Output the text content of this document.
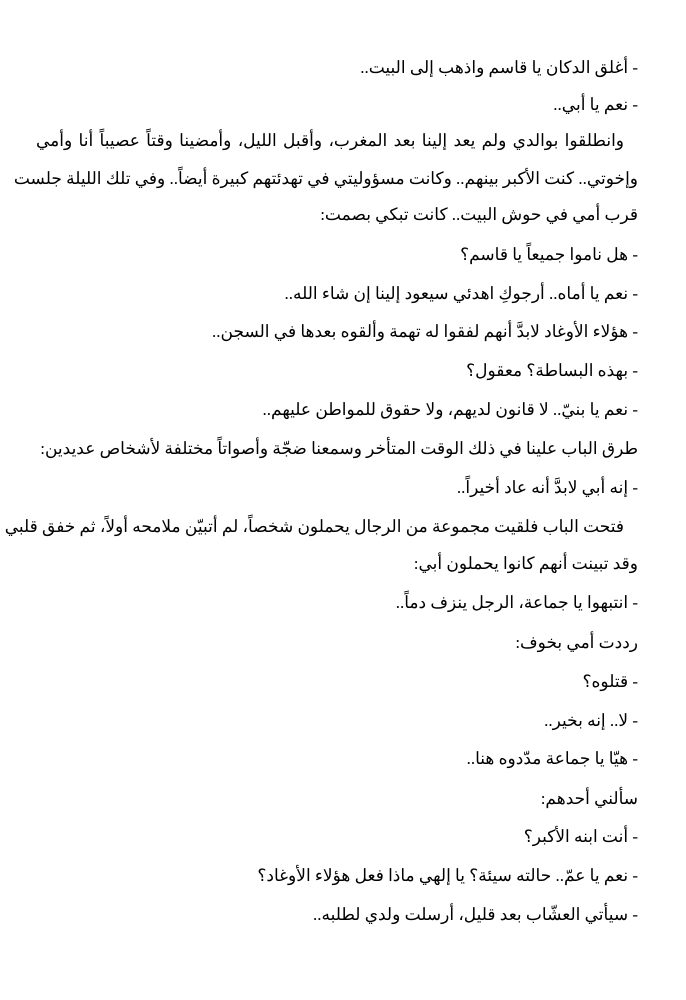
- أغلق الدكان يا قاسم واذهب إلى البيت..
- نعم يا أبي..
وانطلقوا بوالدي ولم يعد إلينا بعد المغرب، وأقبل الليل، وأمضينا وقتاً عصيباً أنا وأمي
وإخوتي.. كنت الأكبر بينهم.. وكانت مسؤوليتي في تهدئتهم كبيرة أيضاً.. وفي تلك الليلة جلست
قرب أمي في حوش البيت.. كانت تبكي بصمت:
- هل ناموا جميعاً يا قاسم؟
- نعم يا أماه.. أرجوكِ اهدئي سيعود إلينا إن شاء الله..
- هؤلاء الأوغاد لابدَّ أنهم لفقوا له تهمة وألقوه بعدها في السجن..
- بهذه البساطة؟ معقول؟
- نعم يا بنيّ.. لا قانون لديهم، ولا حقوق للمواطن عليهم..
طرق الباب علينا في ذلك الوقت المتأخر وسمعنا ضجّة وأصواتاً مختلفة لأشخاص عديدين:
- إنه أبي لابدَّ أنه عاد أخيراً..
فتحت الباب فلقيت مجموعة من الرجال يحملون شخصاً، لم أتبيّن ملامحه أولاً، ثم خفق قلبي
وقد تبينت أنهم كانوا يحملون أبي:
- انتبهوا يا جماعة، الرجل ينزف دماً..
رددت أمي بخوف:
- قتلوه؟
- لا.. إنه بخير..
- هيّا يا جماعة مدّدوه هنا..
سألني أحدهم:
- أنت ابنه الأكبر؟
- نعم يا عمّ.. حالته سيئة؟ يا إلهي ماذا فعل هؤلاء الأوغاد؟
- سيأتي العشّاب بعد قليل، أرسلت ولدي لطلبه..
